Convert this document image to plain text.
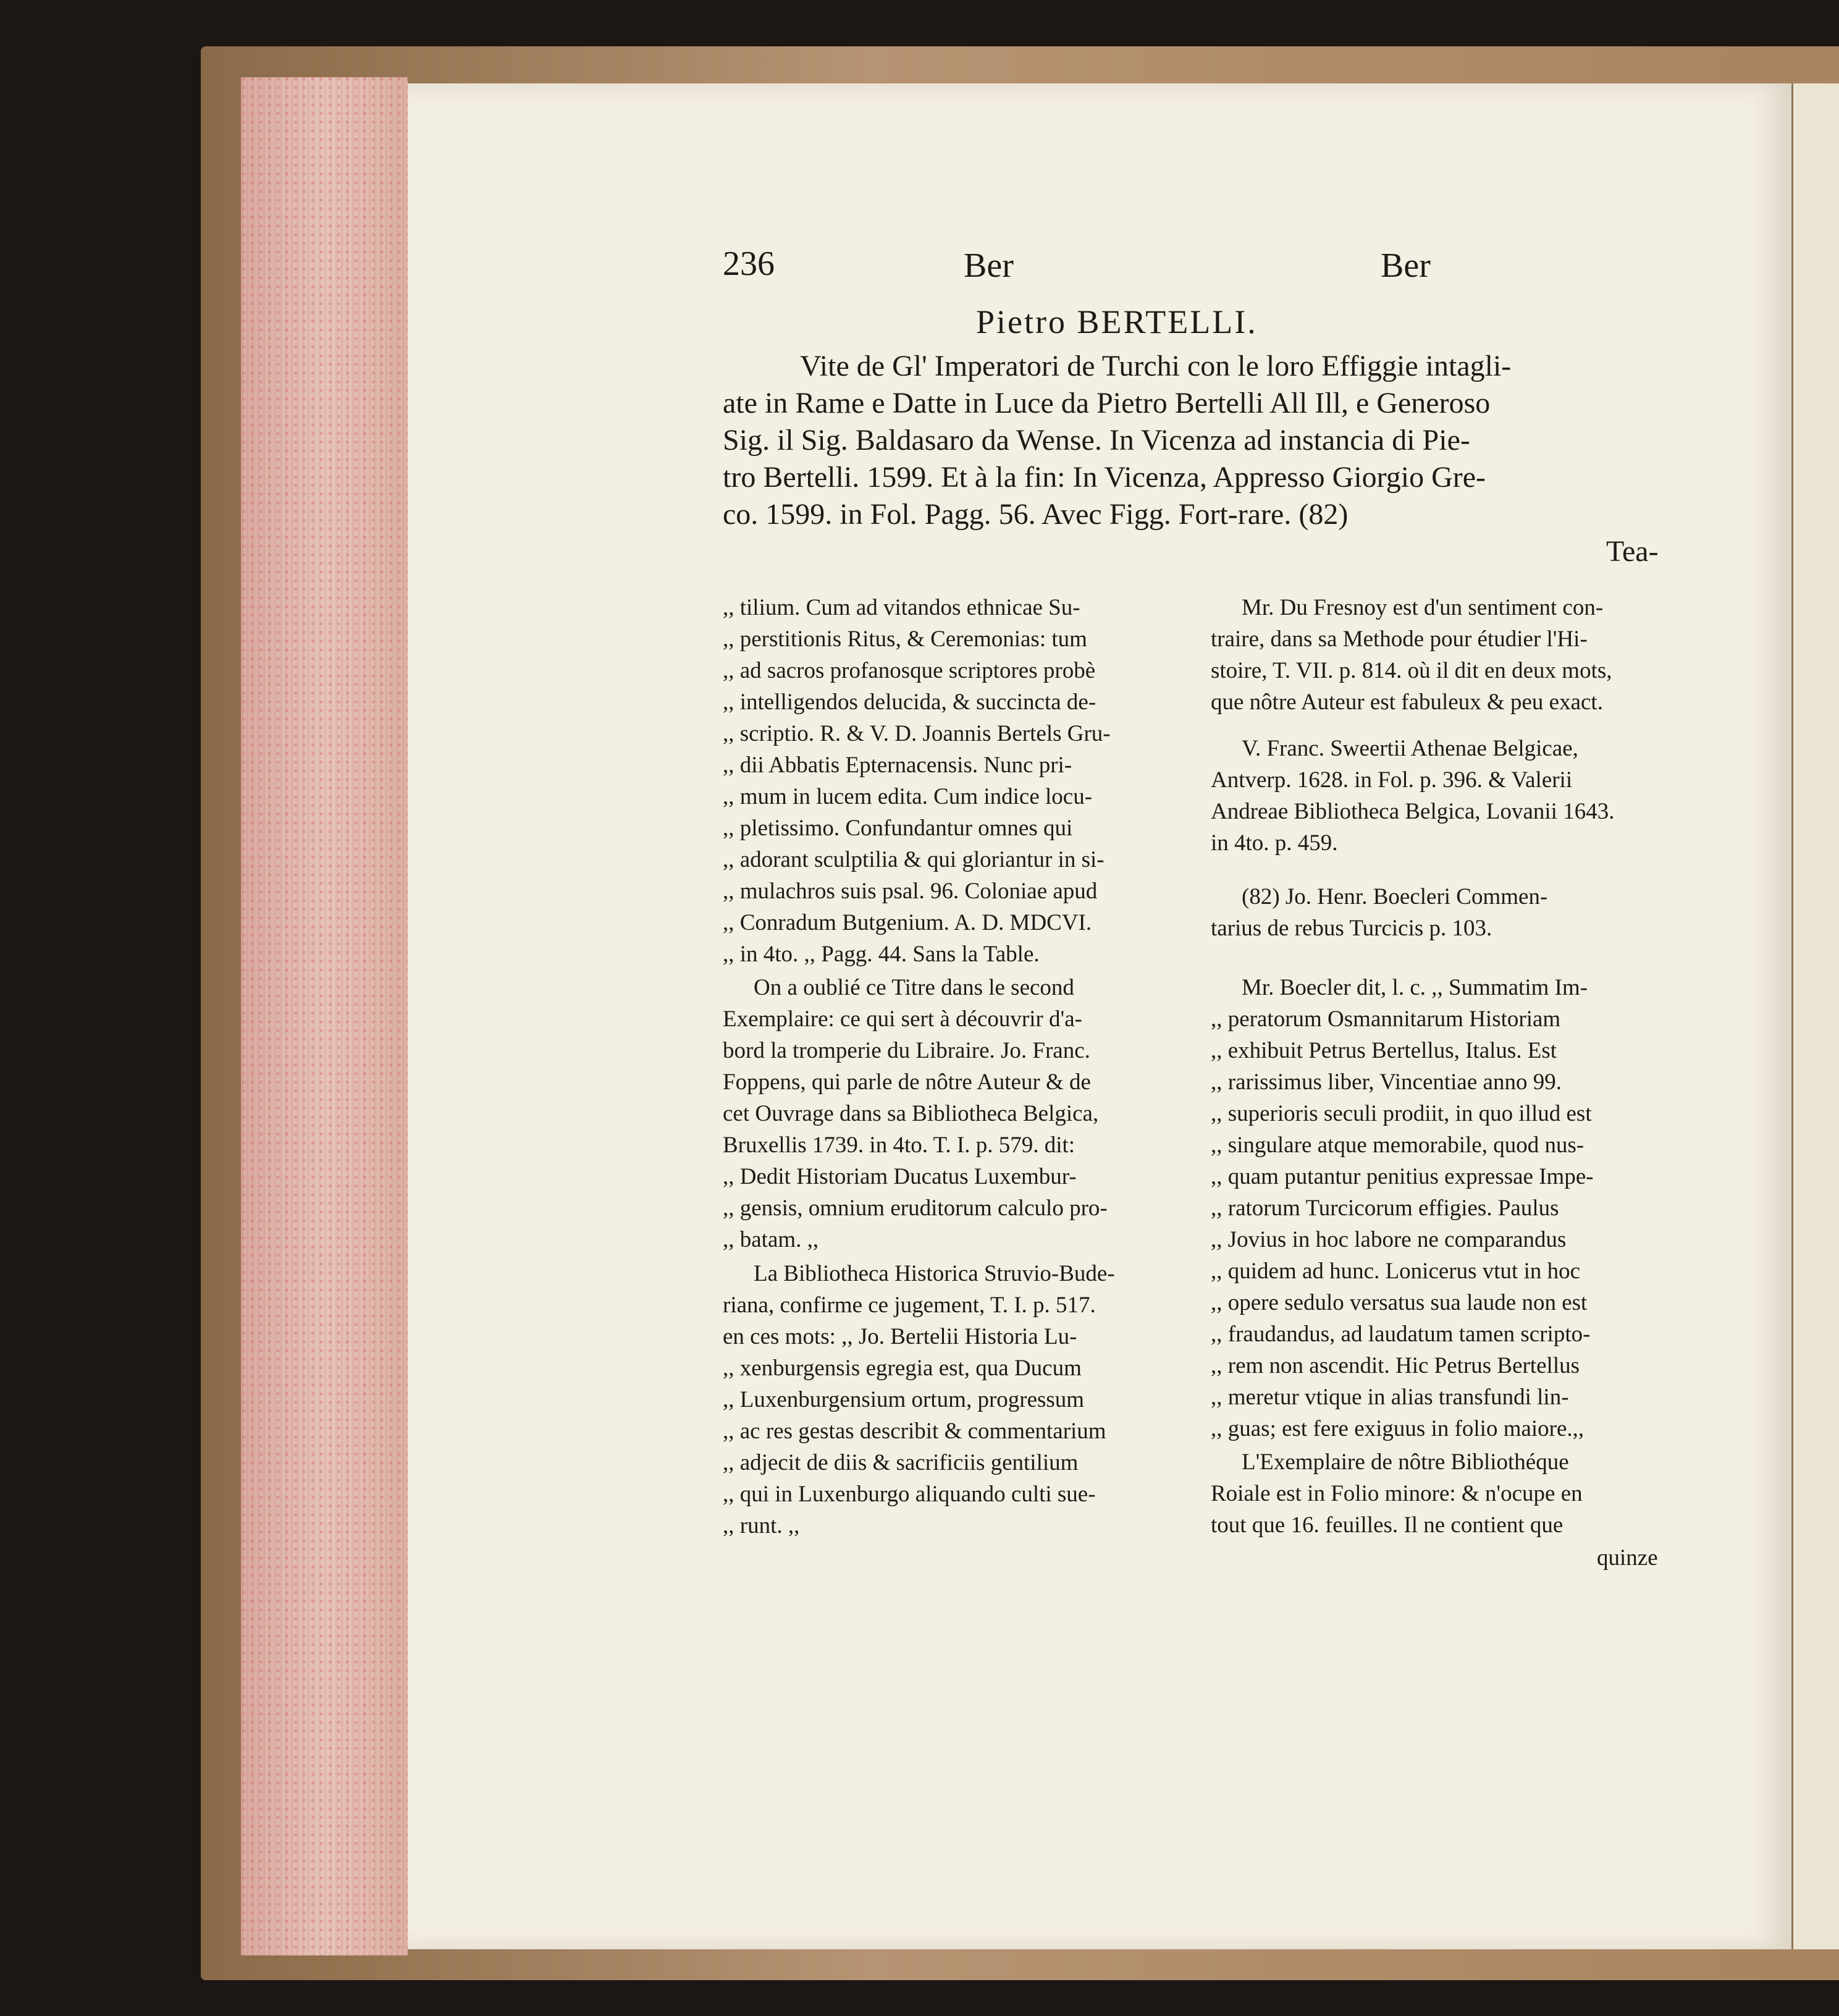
236	Ber	Ber

Pietro BERTELLI.

Vite de Gl' Imperatori de Turchi con le loro Effiggie intagli-

ate in Rame e Datte in Luce da Pietro Bertelli All Ill, e Generoso

Sig. il Sig. Baldasaro da Wense. In Vicenza ad instancia di Pie-

tro Bertelli. 1599. Et à la fin: In Vicenza, Appresso Giorgio Gre-

co. 1599. in Fol. Pagg. 56. Avec Figg. Fort-rare. (82)

Tea-

,, tilium. Cum ad vitandos ethnicae Su-

,, perstitionis Ritus, & Ceremonias: tum

,, ad sacros profanosque scriptores probè

,, intelligendos delucida, & succincta de-

,, scriptio. R. & V. D. Joannis Bertels Gru-

,, dii Abbatis Epternacensis. Nunc pri-

,, mum in lucem edita. Cum indice locu-

,, pletissimo. Confundantur omnes qui

,, adorant sculptilia & qui gloriantur in si-

,, mulachros suis psal. 96. Coloniae apud

,, Conradum Butgenium. A. D. MDCVI.

,, in 4to. ,, Pagg. 44. Sans la Table.

On a oublié ce Titre dans le second

Exemplaire: ce qui sert à découvrir d'a-

bord la tromperie du Libraire. Jo. Franc.

Foppens, qui parle de nôtre Auteur & de

cet Ouvrage dans sa Bibliotheca Belgica,

Bruxellis 1739. in 4to. T. I. p. 579. dit:

,, Dedit Historiam Ducatus Luxembur-

,, gensis, omnium eruditorum calculo pro-

,, batam. ,,

La Bibliotheca Historica Struvio-Bude-

riana, confirme ce jugement, T. I. p. 517.

en ces mots: ,, Jo. Bertelii Historia Lu-

,, xenburgensis egregia est, qua Ducum

,, Luxenburgensium ortum, progressum

,, ac res gestas describit & commentarium

,, adjecit de diis & sacrificiis gentilium

,, qui in Luxenburgo aliquando culti sue-

,, runt. ,,

Mr. Du Fresnoy est d'un sentiment con-

traire, dans sa Methode pour étudier l'Hi-

stoire, T. VII. p. 814. où il dit en deux mots,

que nôtre Auteur est fabuleux & peu exact.

V. Franc. Sweertii Athenae Belgicae,

Antverp. 1628. in Fol. p. 396. & Valerii

Andreae Bibliotheca Belgica, Lovanii 1643.

in 4to. p. 459.

(82) Jo. Henr. Boecleri Commen-

tarius de rebus Turcicis p. 103.

Mr. Boecler dit, l. c. ,, Summatim Im-

,, peratorum Osmannitarum Historiam

,, exhibuit Petrus Bertellus, Italus. Est

,, rarissimus liber, Vincentiae anno 99.

,, superioris seculi prodiit, in quo illud est

,, singulare atque memorabile, quod nus-

,, quam putantur penitius expressae Impe-

,, ratorum Turcicorum effigies. Paulus

,, Jovius in hoc labore ne comparandus

,, quidem ad hunc. Lonicerus vtut in hoc

,, opere sedulo versatus sua laude non est

,, fraudandus, ad laudatum tamen scripto-

,, rem non ascendit. Hic Petrus Bertellus

,, meretur vtique in alias transfundi lin-

,, guas; est fere exiguus in folio maiore.,,

L'Exemplaire de nôtre Bibliothéque

Roiale est in Folio minore: & n'ocupe en

tout que 16. feuilles. Il ne contient que

quinze
